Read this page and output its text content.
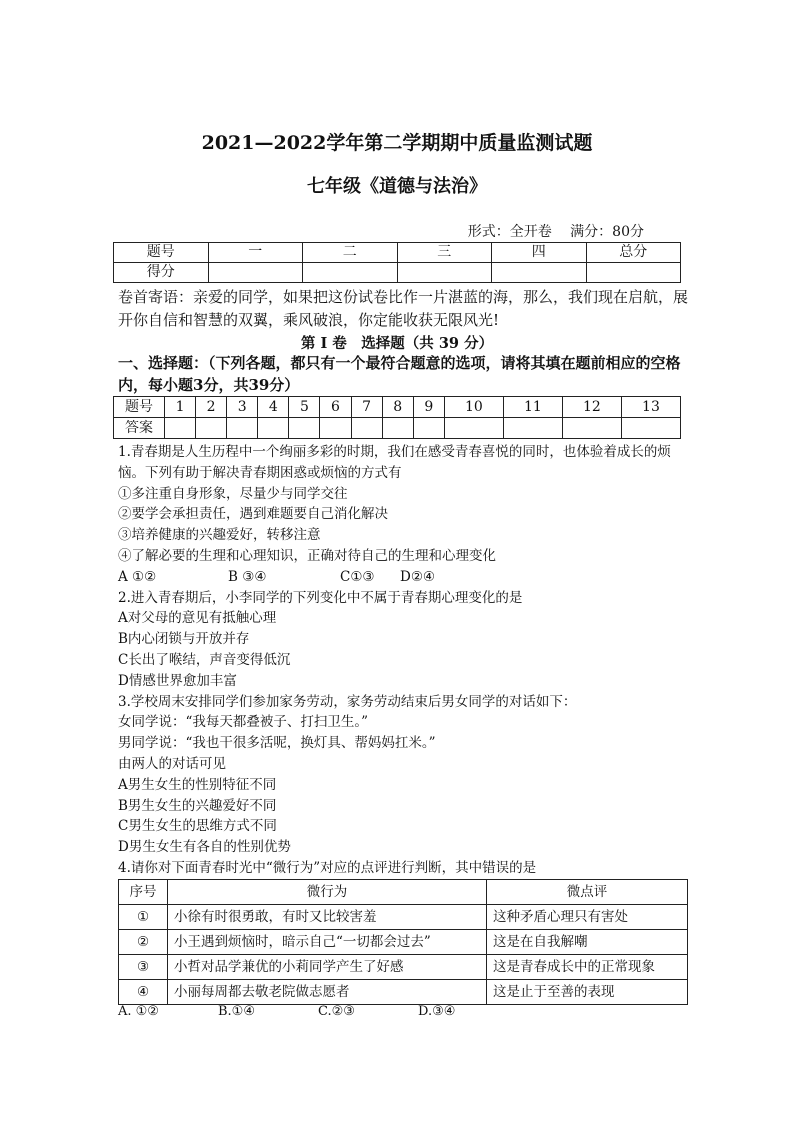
2021—2022学年第二学期期中质量监测试题
七年级《道德与法治》
形式：全开卷 满分：80分
题号	一	二	三	四	总分
得分					
卷首寄语：亲爱的同学，如果把这份试卷比作一片湛蓝的海，那么，我们现在启航，展开你自信和智慧的双翼，乘风破浪，你定能收获无限风光!
第 I 卷　选择题（共 39 分）
一、选择题：（下列各题，都只有一个最符合题意的选项，请将其填在题前相应的空格内，每小题3分，共39分）
题号	1	2	3	4	5	6	7	8	9	10	11	12	13
答案													
1.青春期是人生历程中一个绚丽多彩的时期，我们在感受青春喜悦的同时，也体验着成长的烦恼。下列有助于解决青春期困惑或烦恼的方式有
①多注重自身形象，尽量少与同学交往
②要学会承担责任，遇到难题要自己消化解决
③培养健康的兴趣爱好，转移注意
④了解必要的生理和心理知识，正确对待自己的生理和心理变化
A ①②	B ③④	C①③ D②④
2.进入青春期后，小李同学的下列变化中不属于青春期心理变化的是
A对父母的意见有抵触心理
B内心闭锁与开放并存
C长出了喉结，声音变得低沉
D情感世界愈加丰富
3.学校周末安排同学们参加家务劳动，家务劳动结束后男女同学的对话如下：
女同学说：“我每天都叠被子、打扫卫生。”
男同学说：“我也干很多活呢，换灯具、帮妈妈扛米。”
由两人的对话可见
A男生女生的性别特征不同
B男生女生的兴趣爱好不同
C男生女生的思维方式不同
D男生女生有各自的性别优势
4.请你对下面青春时光中“微行为”对应的点评进行判断，其中错误的是
序号	微行为	微点评
①	小徐有时很勇敢，有时又比较害羞	这种矛盾心理只有害处
②	小王遇到烦恼时，暗示自己“一切都会过去”	这是在自我解嘲
③	小哲对品学兼优的小莉同学产生了好感	这是青春成长中的正常现象
④	小丽每周都去敬老院做志愿者	这是止于至善的表现
A. ①②	B.①④	C.②③	D.③④
